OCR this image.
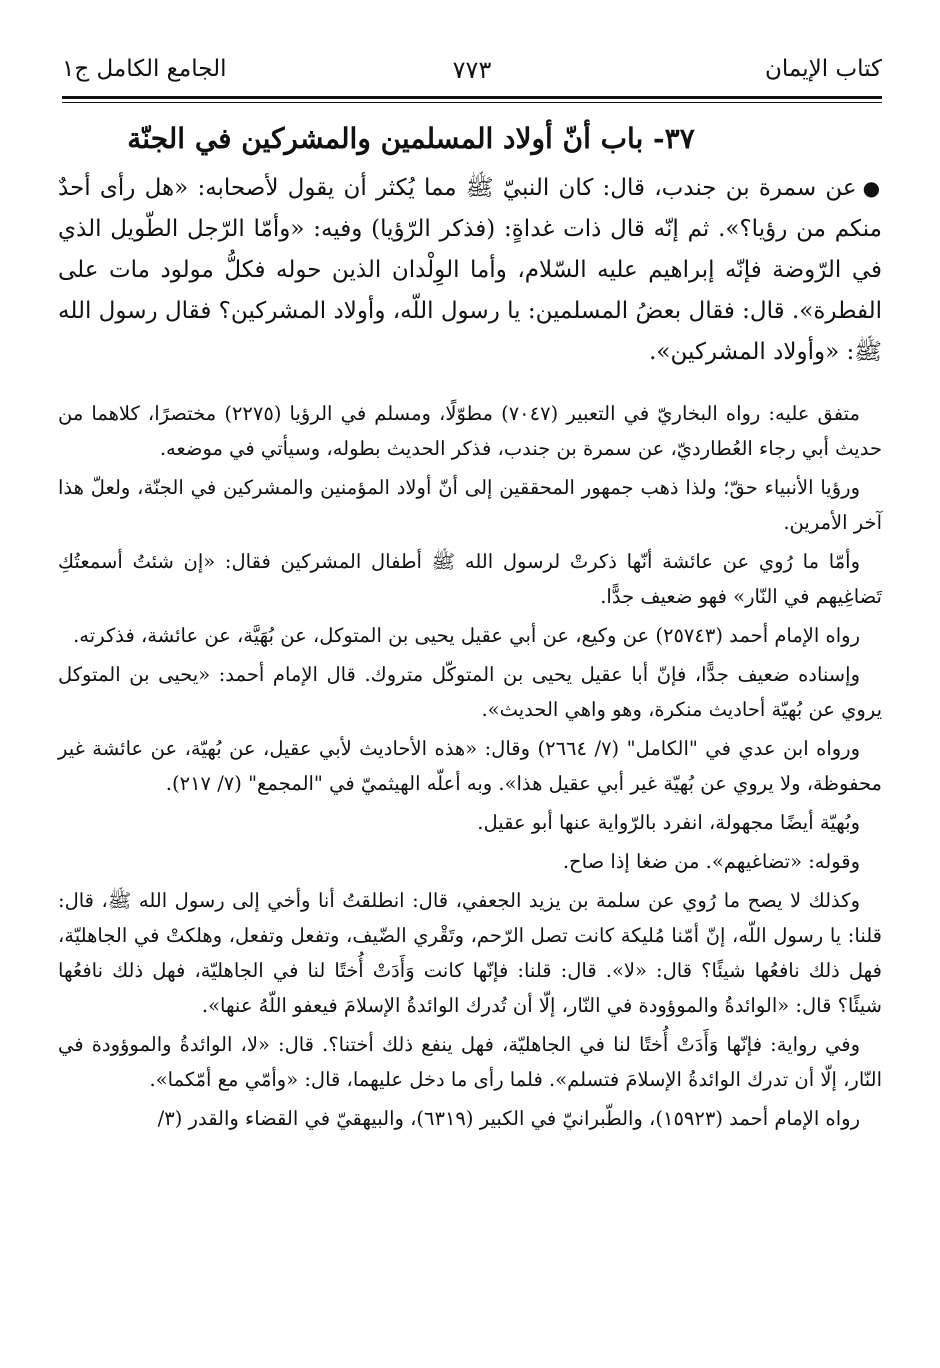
كتاب الإيمان
٧٧٣
الجامع الكامل ج١
٣٧- باب أنّ أولاد المسلمين والمشركين في الجنّة

●عن سمرة بن جندب، قال: كان النبيّ ﷺ مما يُكثر أن يقول لأصحابه: «هل رأى أحدٌ منكم من رؤيا؟». ثم إنّه قال ذات غداةٍ: (فذكر الرّؤيا) وفيه: «وأمّا الرّجل الطّويل الذي في الرّوضة فإنّه إبراهيم عليه السّلام، وأما الوِلْدان الذين حوله فكلُّ مولود مات على الفطرة». قال: فقال بعضُ المسلمين: يا رسول اللّه، وأولاد المشركين؟ فقال رسول الله ﷺ: «وأولاد المشركين».

متفق عليه: رواه البخاريّ في التعبير (٧٠٤٧) مطوّلًا، ومسلم في الرؤيا (٢٢٧٥) مختصرًا، كلاهما من حديث أبي رجاء العُطارديّ، عن سمرة بن جندب، فذكر الحديث بطوله، وسيأتي في موضعه.

ورؤيا الأنبياء حقّ؛ ولذا ذهب جمهور المحققين إلى أنّ أولاد المؤمنين والمشركين في الجنّة، ولعلّ هذا آخر الأمرين.

وأمّا ما رُوي عن عائشة أنّها ذكرتْ لرسول الله ﷺ أطفال المشركين فقال: «إن شئتُ أسمعتُكِ تَضاغِيهم في النّار» فهو ضعيف جدًّا.

رواه الإمام أحمد (٢٥٧٤٣) عن وكيع، عن أبي عقيل يحيى بن المتوكل، عن بُهَيَّة، عن عائشة، فذكرته.

وإسناده ضعيف جدًّا، فإنّ أبا عقيل يحيى بن المتوكّل متروك. قال الإمام أحمد: «يحيى بن المتوكل يروي عن بُهيّة أحاديث منكرة، وهو واهي الحديث».

ورواه ابن عدي في "الكامل" (٧/ ٢٦٦٤) وقال: «هذه الأحاديث لأبي عقيل، عن بُهيّة، عن عائشة غير محفوظة، ولا يروي عن بُهيّة غير أبي عقيل هذا». وبه أعلّه الهيثميّ في "المجمع" (٧/ ٢١٧).

وبُهيّة أيضًا مجهولة، انفرد بالرّواية عنها أبو عقيل.

وقوله: «تضاغيهم». من ضغا إذا صاح.

وكذلك لا يصح ما رُوي عن سلمة بن يزيد الجعفي، قال: انطلقتُ أنا وأخي إلى رسول الله ﷺ، قال: قلنا: يا رسول اللّه، إنّ أمّنا مُليكة كانت تصل الرّحم، وتَقْري الضّيف، وتفعل وتفعل، وهلكتْ في الجاهليّة، فهل ذلك نافعُها شيئًا؟ قال: «لا». قال: قلنا: فإنّها كانت وَأَدَتْ أُختًا لنا في الجاهليّة، فهل ذلك نافعُها شيئًا؟ قال: «الوائدةُ والموؤودة في النّار، إلّا أن تُدرك الوائدةُ الإسلامَ فيعفو اللّهُ عنها».

وفي رواية: فإنّها وَأَدَتْ أُختًا لنا في الجاهليّة، فهل ينفع ذلك أختنا؟. قال: «لا، الوائدةُ والموؤودة في النّار، إلّا أن تدرك الوائدةُ الإسلامَ فتسلم». فلما رأى ما دخل عليهما، قال: «وأمّي مع أمّكما».

رواه الإمام أحمد (١٥٩٢٣)، والطّبرانيّ في الكبير (٦٣١٩)، والبيهقيّ في القضاء والقدر (٣/
